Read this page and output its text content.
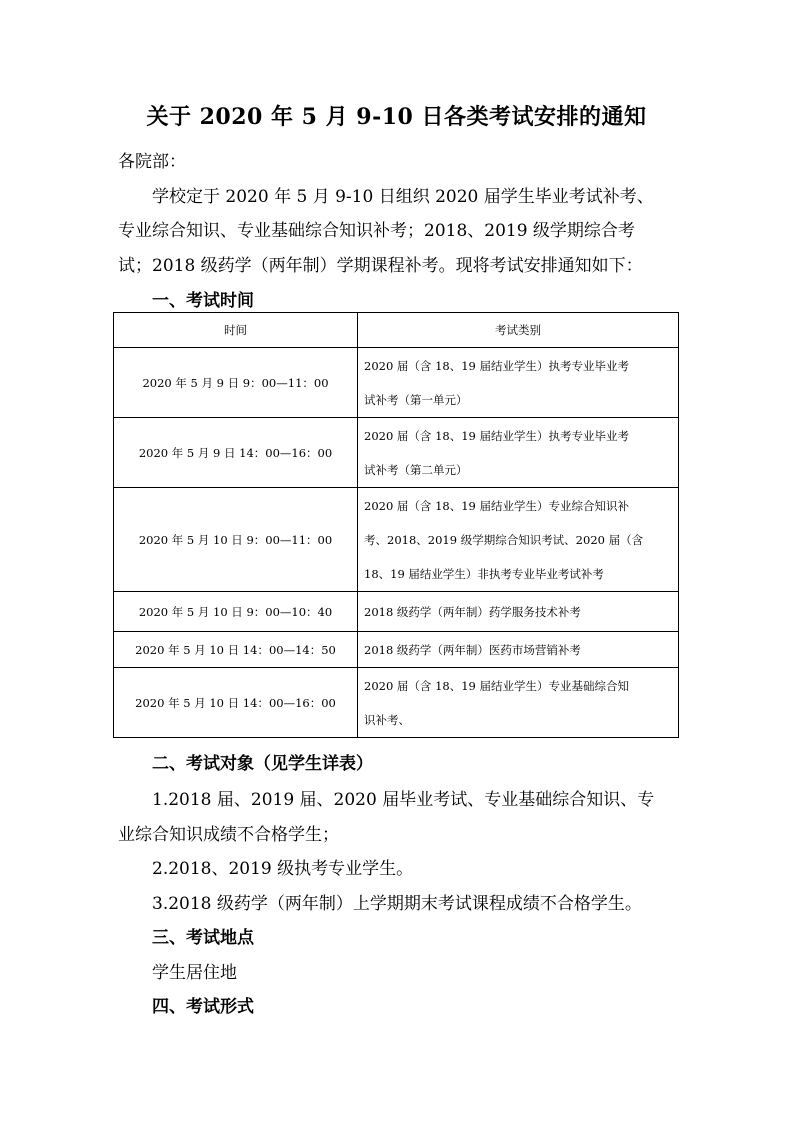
关于 2020 年 5 月 9-10 日各类考试安排的通知
各院部：
学校定于 2020 年 5 月 9-10 日组织 2020 届学生毕业考试补考、
专业综合知识、专业基础综合知识补考；2018、2019 级学期综合考
试；2018 级药学（两年制）学期课程补考。现将考试安排通知如下：
一、考试时间
时间	考试类别
2020 年 5 月 9 日 9：00—11：00	2020 届（含 18、19 届结业学生）执考专业毕业考
试补考（第一单元）

2020 年 5 月 9 日 14：00—16：00	2020 届（含 18、19 届结业学生）执考专业毕业考
试补考（第二单元）

2020 年 5 月 10 日 9：00—11：00	2020 届（含 18、19 届结业学生）专业综合知识补
考、2018、2019 级学期综合知识考试、2020 届（含
18、19 届结业学生）非执考专业毕业考试补考

2020 年 5 月 10 日 9：00—10：40	2018 级药学（两年制）药学服务技术补考

2020 年 5 月 10 日 14：00—14：50	2018 级药学（两年制）医药市场营销补考

2020 年 5 月 10 日 14：00—16：00	2020 届（含 18、19 届结业学生）专业基础综合知
识补考、
二、考试对象（见学生详表）
1.2018 届、2019 届、2020 届毕业考试、专业基础综合知识、专
业综合知识成绩不合格学生；
2.2018、2019 级执考专业学生。
3.2018 级药学（两年制）上学期期末考试课程成绩不合格学生。
三、考试地点
学生居住地
四、考试形式
